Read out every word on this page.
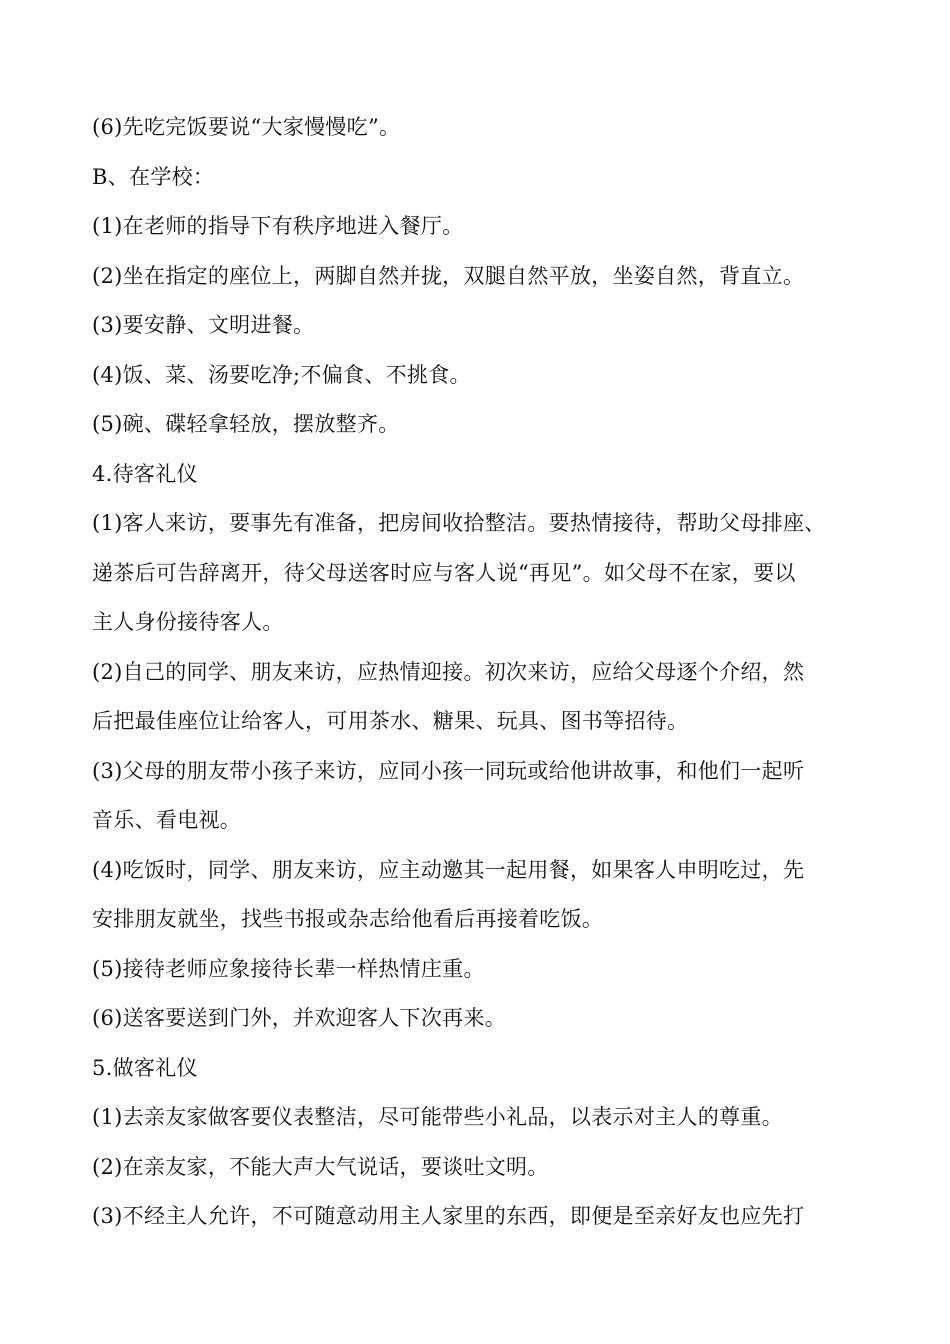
(6)先吃完饭要说“大家慢慢吃”。
B、在学校：
(1)在老师的指导下有秩序地进入餐厅。
(2)坐在指定的座位上，两脚自然并拢，双腿自然平放，坐姿自然，背直立。
(3)要安静、文明进餐。
(4)饭、菜、汤要吃净;不偏食、不挑食。
(5)碗、碟轻拿轻放，摆放整齐。
4.待客礼仪
(1)客人来访，要事先有准备，把房间收拾整洁。要热情接待，帮助父母排座、
递茶后可告辞离开，待父母送客时应与客人说“再见”。如父母不在家，要以
主人身份接待客人。
(2)自己的同学、朋友来访，应热情迎接。初次来访，应给父母逐个介绍，然
后把最佳座位让给客人，可用茶水、糖果、玩具、图书等招待。
(3)父母的朋友带小孩子来访，应同小孩一同玩或给他讲故事，和他们一起听
音乐、看电视。
(4)吃饭时，同学、朋友来访，应主动邀其一起用餐，如果客人申明吃过，先
安排朋友就坐，找些书报或杂志给他看后再接着吃饭。
(5)接待老师应象接待长辈一样热情庄重。
(6)送客要送到门外，并欢迎客人下次再来。
5.做客礼仪
(1)去亲友家做客要仪表整洁，尽可能带些小礼品，以表示对主人的尊重。
(2)在亲友家，不能大声大气说话，要谈吐文明。
(3)不经主人允许，不可随意动用主人家里的东西，即便是至亲好友也应先打
